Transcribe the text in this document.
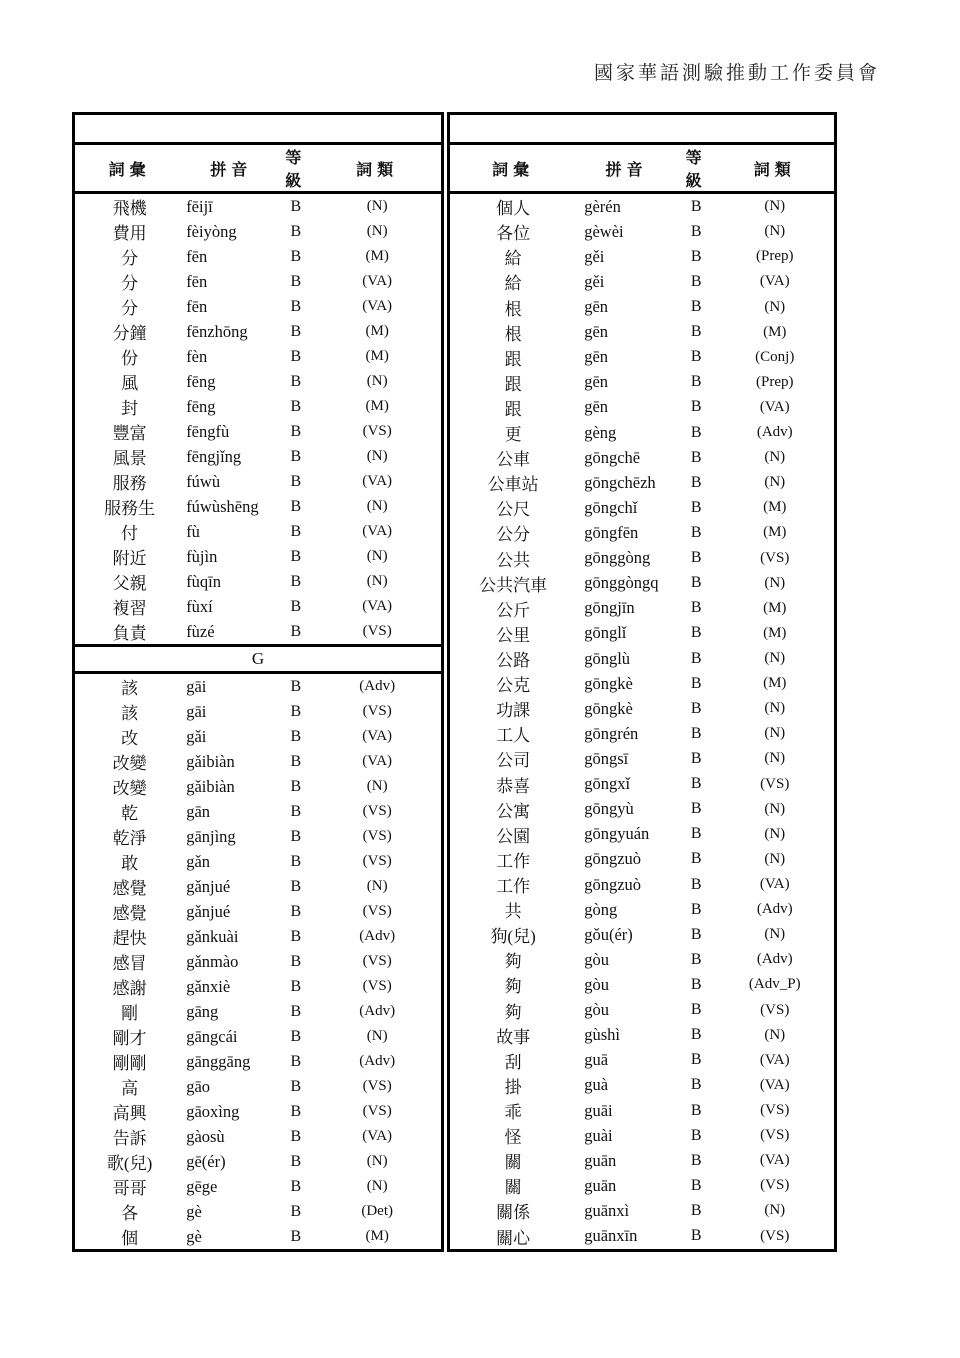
國家華語測驗推動工作委員會

詞彙	拼音	等級	詞類
飛機	fēijī	B	(N)
費用	fèiyòng	B	(N)
分	fēn	B	(M)
分	fēn	B	(VA)
分	fēn	B	(VA)
分鐘	fēnzhōng	B	(M)
份	fèn	B	(M)
風	fēng	B	(N)
封	fēng	B	(M)
豐富	fēngfù	B	(VS)
風景	fēngjǐng	B	(N)
服務	fúwù	B	(VA)
服務生	fúwùshēng	B	(N)
付	fù	B	(VA)
附近	fùjìn	B	(N)
父親	fùqīn	B	(N)
複習	fùxí	B	(VA)
負責	fùzé	B	(VS)
G			
該	gāi	B	(Adv)
該	gāi	B	(VS)
改	gǎi	B	(VA)
改變	gǎibiàn	B	(VA)
改變	gǎibiàn	B	(N)
乾	gān	B	(VS)
乾淨	gānjìng	B	(VS)
敢	gǎn	B	(VS)
感覺	gǎnjué	B	(N)
感覺	gǎnjué	B	(VS)
趕快	gǎnkuài	B	(Adv)
感冒	gǎnmào	B	(VS)
感謝	gǎnxiè	B	(VS)
剛	gāng	B	(Adv)
剛才	gāngcái	B	(N)
剛剛	gānggāng	B	(Adv)
高	gāo	B	(VS)
高興	gāoxìng	B	(VS)
告訴	gàosù	B	(VA)
歌(兒)	gē(ér)	B	(N)
哥哥	gēge	B	(N)
各	gè	B	(Det)
個	gè	B	(M)

詞彙	拼音	等級	詞類
個人	gèrén	B	(N)
各位	gèwèi	B	(N)
給	gěi	B	(Prep)
給	gěi	B	(VA)
根	gēn	B	(N)
根	gēn	B	(M)
跟	gēn	B	(Conj)
跟	gēn	B	(Prep)
跟	gēn	B	(VA)
更	gèng	B	(Adv)
公車	gōngchē	B	(N)
公車站	gōngchēzh	B	(N)
公尺	gōngchǐ	B	(M)
公分	gōngfēn	B	(M)
公共	gōnggòng	B	(VS)
公共汽車	gōnggòngq	B	(N)
公斤	gōngjīn	B	(M)
公里	gōnglǐ	B	(M)
公路	gōnglù	B	(N)
公克	gōngkè	B	(M)
功課	gōngkè	B	(N)
工人	gōngrén	B	(N)
公司	gōngsī	B	(N)
恭喜	gōngxǐ	B	(VS)
公寓	gōngyù	B	(N)
公園	gōngyuán	B	(N)
工作	gōngzuò	B	(N)
工作	gōngzuò	B	(VA)
共	gòng	B	(Adv)
狗(兒)	gǒu(ér)	B	(N)
夠	gòu	B	(Adv)
夠	gòu	B	(Adv_P)
夠	gòu	B	(VS)
故事	gùshì	B	(N)
刮	guā	B	(VA)
掛	guà	B	(VA)
乖	guāi	B	(VS)
怪	guài	B	(VS)
關	guān	B	(VA)
關	guān	B	(VS)
關係	guānxì	B	(N)
關心	guānxīn	B	(VS)
